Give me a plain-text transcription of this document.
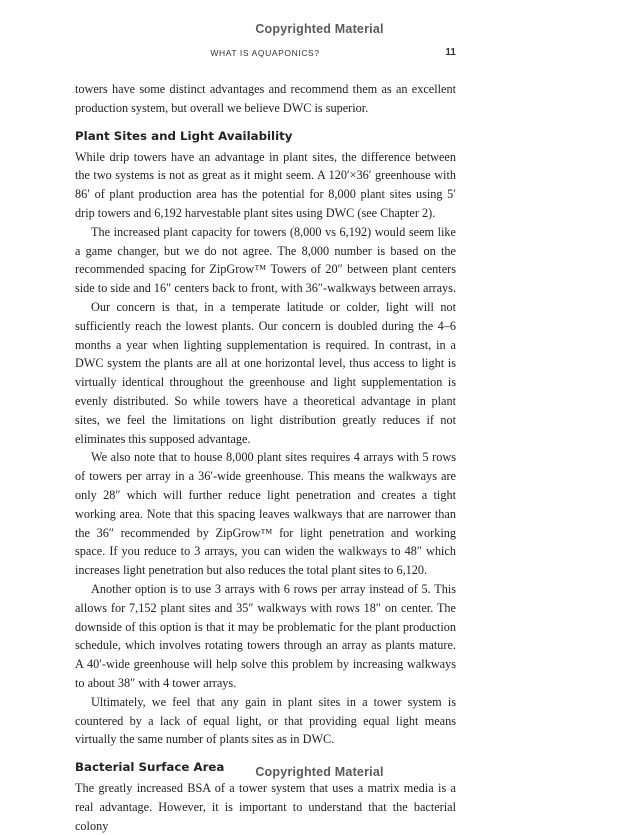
Copyrighted Material
WHAT IS AQUAPONICS?	11

towers have some distinct advantages and recommend them as an excellent production system, but overall we believe DWC is superior.

Plant Sites and Light Availability

While drip towers have an advantage in plant sites, the difference between the two systems is not as great as it might seem. A 120′×36′ greenhouse with 86′ of plant production area has the potential for 8,000 plant sites using 5′ drip towers and 6,192 harvestable plant sites using DWC (see Chapter 2).

The increased plant capacity for towers (8,000 vs 6,192) would seem like a game changer, but we do not agree. The 8,000 number is based on the recommended spacing for ZipGrow™ Towers of 20″ between plant centers side to side and 16″ centers back to front, with 36″-walkways between arrays.

Our concern is that, in a temperate latitude or colder, light will not sufficiently reach the lowest plants. Our concern is doubled during the 4–6 months a year when lighting supplementation is required. In contrast, in a DWC system the plants are all at one horizontal level, thus access to light is virtually identical throughout the greenhouse and light supplementation is evenly distributed. So while towers have a theoretical advantage in plant sites, we feel the limitations on light distribution greatly reduces if not eliminates this supposed advantage.

We also note that to house 8,000 plant sites requires 4 arrays with 5 rows of towers per array in a 36′-wide greenhouse. This means the walkways are only 28″ which will further reduce light penetration and creates a tight working area. Note that this spacing leaves walkways that are narrower than the 36″ recommended by ZipGrow™ for light penetration and working space. If you reduce to 3 arrays, you can widen the walkways to 48″ which increases light penetration but also reduces the total plant sites to 6,120.

Another option is to use 3 arrays with 6 rows per array instead of 5. This allows for 7,152 plant sites and 35″ walkways with rows 18″ on center. The downside of this option is that it may be problematic for the plant production schedule, which involves rotating towers through an array as plants mature. A 40′-wide greenhouse will help solve this problem by increasing walkways to about 38″ with 4 tower arrays.

Ultimately, we feel that any gain in plant sites in a tower system is countered by a lack of equal light, or that providing equal light means virtually the same number of plants sites as in DWC.

Bacterial Surface Area

The greatly increased BSA of a tower system that uses a matrix media is a real advantage. However, it is important to understand that the bacterial colony

Copyrighted Material
